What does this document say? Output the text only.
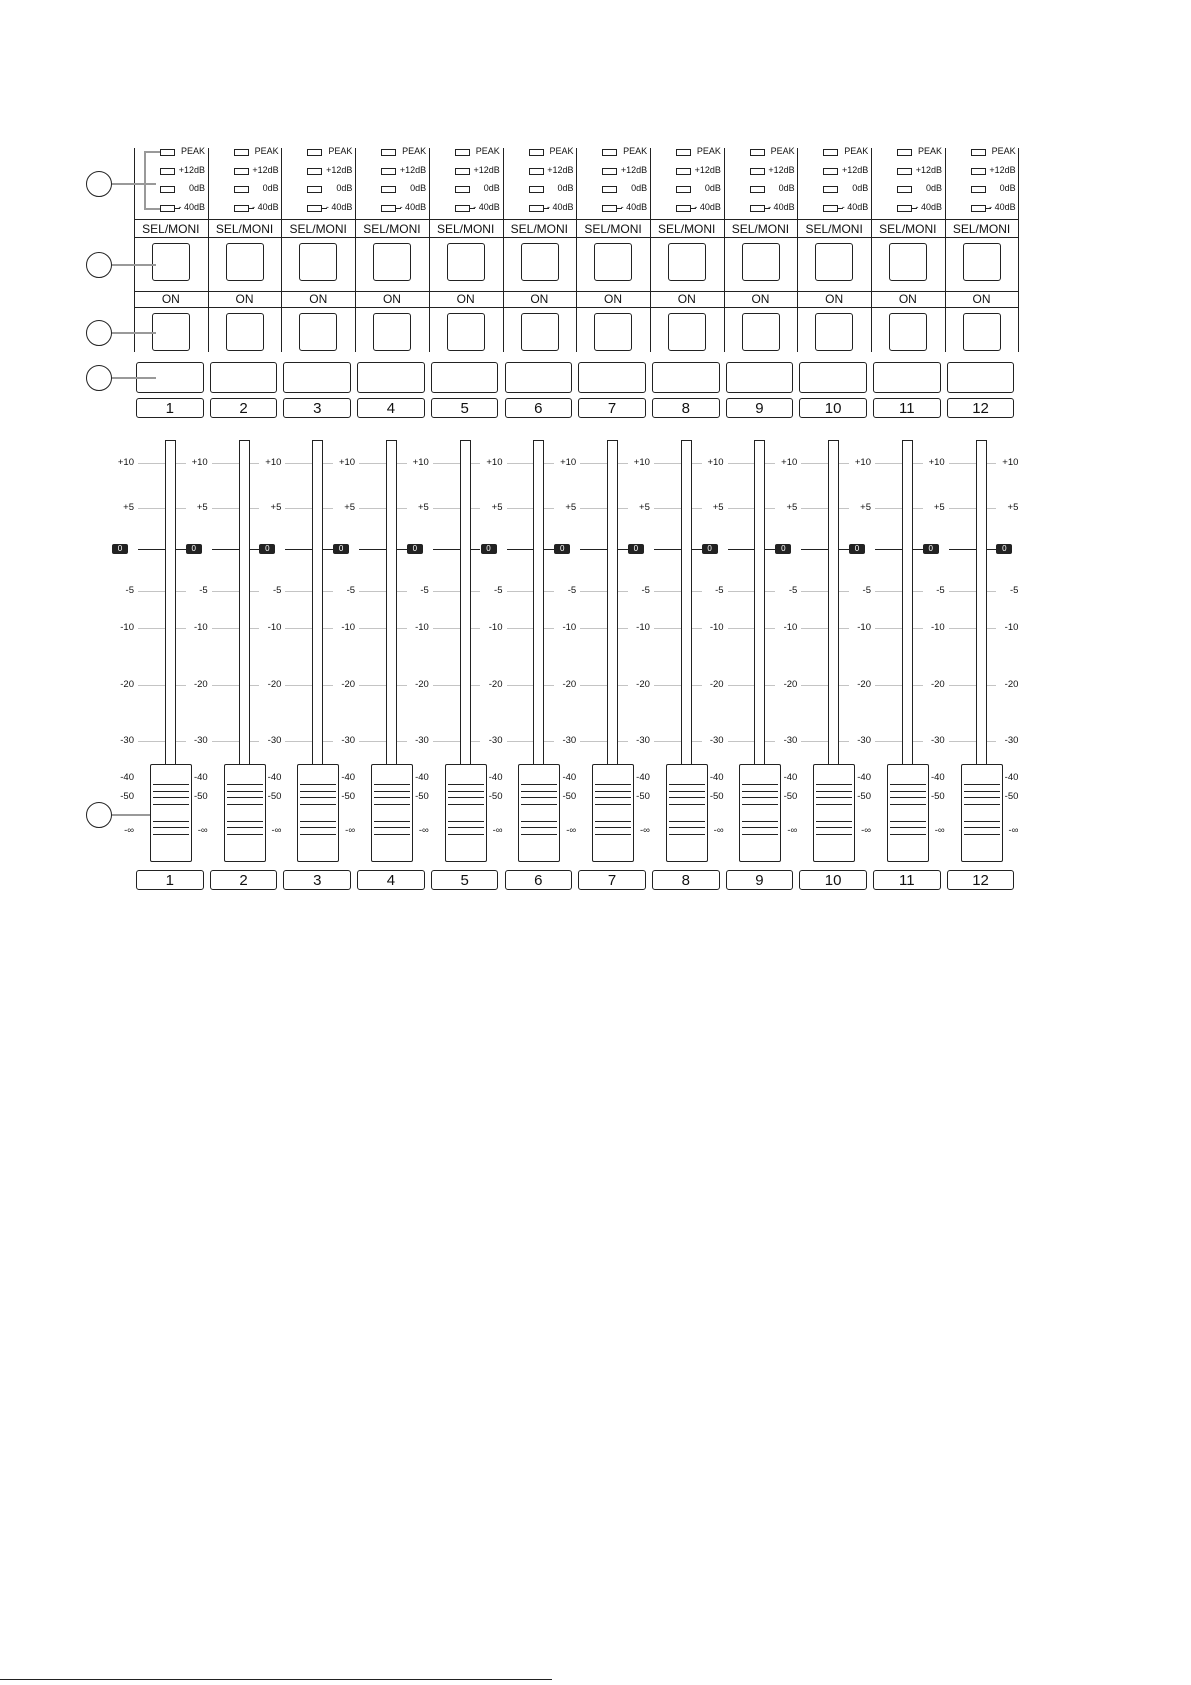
PEAK
+12dB
0dB
- 40dB
SEL/MONI
ON
1
PEAK
+12dB
0dB
- 40dB
SEL/MONI
ON
2
PEAK
+12dB
0dB
- 40dB
SEL/MONI
ON
3
PEAK
+12dB
0dB
- 40dB
SEL/MONI
ON
4
PEAK
+12dB
0dB
- 40dB
SEL/MONI
ON
5
PEAK
+12dB
0dB
- 40dB
SEL/MONI
ON
6
PEAK
+12dB
0dB
- 40dB
SEL/MONI
ON
7
PEAK
+12dB
0dB
- 40dB
SEL/MONI
ON
8
PEAK
+12dB
0dB
- 40dB
SEL/MONI
ON
9
PEAK
+12dB
0dB
- 40dB
SEL/MONI
ON
10
PEAK
+12dB
0dB
- 40dB
SEL/MONI
ON
11
PEAK
+12dB
0dB
- 40dB
SEL/MONI
ON
12
+10
+5
0
-5
-10
-20
-30
-40
-50
-∞
+10
+5
0
-5
-10
-20
-30
-40
-50
-∞
+10
+5
0
-5
-10
-20
-30
-40
-50
-∞
+10
+5
0
-5
-10
-20
-30
-40
-50
-∞
+10
+5
0
-5
-10
-20
-30
-40
-50
-∞
+10
+5
0
-5
-10
-20
-30
-40
-50
-∞
+10
+5
0
-5
-10
-20
-30
-40
-50
-∞
+10
+5
0
-5
-10
-20
-30
-40
-50
-∞
+10
+5
0
-5
-10
-20
-30
-40
-50
-∞
+10
+5
0
-5
-10
-20
-30
-40
-50
-∞
+10
+5
0
-5
-10
-20
-30
-40
-50
-∞
+10
+5
0
-5
-10
-20
-30
-40
-50
-∞
+10
+5
0
-5
-10
-20
-30
-40
-50
-∞
1	2	3	4	5	6	7	8	9	10	11	12
